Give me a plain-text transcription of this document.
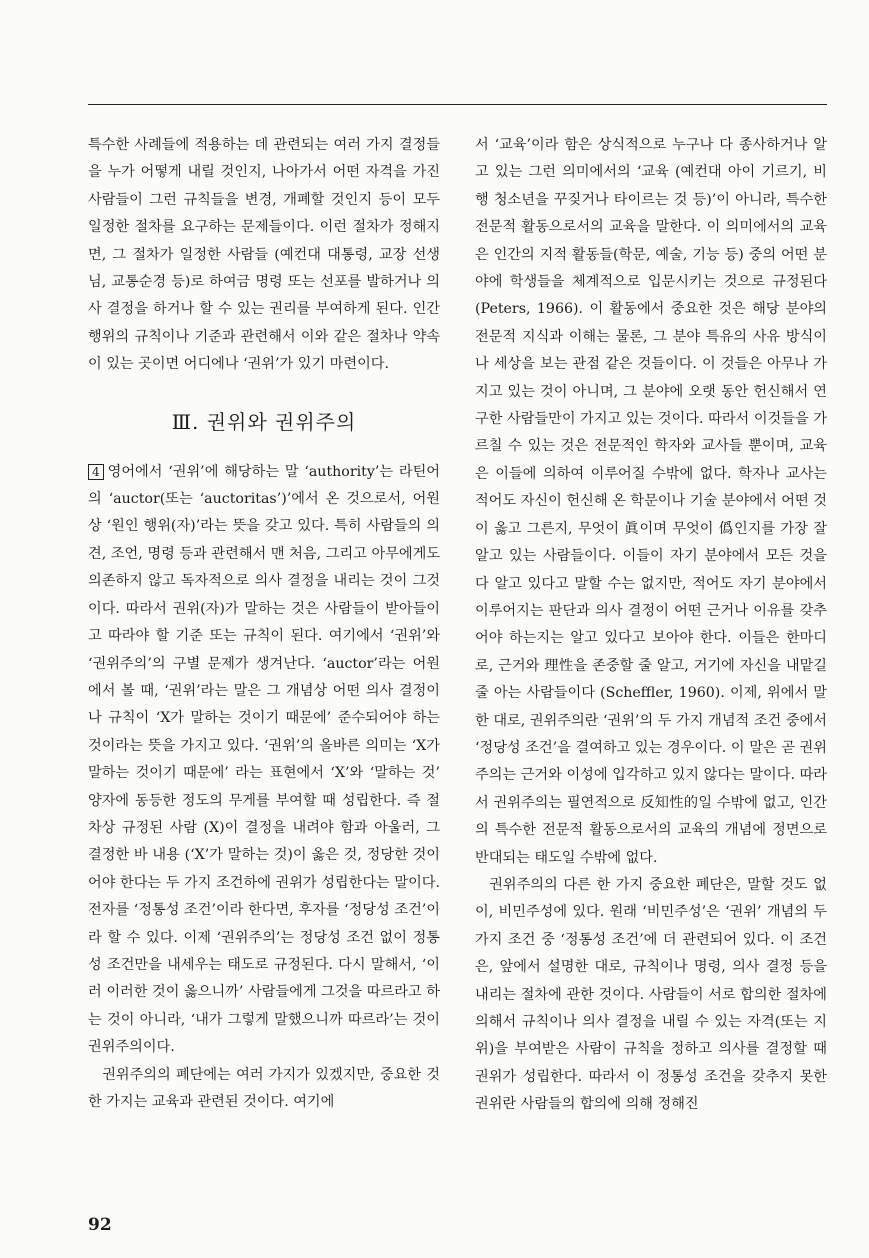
특수한 사례들에 적용하는 데 관련되는 여러 가지 결정들을 누가 어떻게 내릴 것인지, 나아가서 어떤 자격을 가진 사람들이 그런 규칙들을 변경, 개폐할 것인지 등이 모두 일정한 절차를 요구하는 문제들이다. 이런 절차가 정해지면, 그 절차가 일정한 사람들 (예컨대 대통령, 교장 선생님, 교통순경 등)로 하여금 명령 또는 선포를 발하거나 의사 결정을 하거나 할 수 있는 권리를 부여하게 된다. 인간 행위의 규칙이나 기준과 관련해서 이와 같은 절차나 약속이 있는 곳이면 어디에나 ‘권위’가 있기 마련이다.

Ⅲ. 권위와 권위주의

4 영어에서 ‘권위’에 해당하는 말 ‘authority’는 라틴어의 ‘auctor(또는 ‘auctoritas’)’에서 온 것으로서, 어원상 ‘원인 행위(자)’라는 뜻을 갖고 있다. 특히 사람들의 의견, 조언, 명령 등과 관련해서 맨 처음, 그리고 아무에게도 의존하지 않고 독자적으로 의사 결정을 내리는 것이 그것이다. 따라서 권위(자)가 말하는 것은 사람들이 받아들이고 따라야 할 기준 또는 규칙이 된다. 여기에서 ‘권위’와 ‘권위주의’의 구별 문제가 생겨난다. ‘auctor’라는 어원에서 볼 때, ‘권위’라는 말은 그 개념상 어떤 의사 결정이나 규칙이 ‘X가 말하는 것이기 때문에’ 준수되어야 하는 것이라는 뜻을 가지고 있다. ‘권위’의 올바른 의미는 ‘X가 말하는 것이기 때문에’ 라는 표현에서 ‘X’와 ‘말하는 것’ 양자에 동등한 정도의 무게를 부여할 때 성립한다. 즉 절차상 규정된 사람 (X)이 결정을 내려야 함과 아울러, 그 결정한 바 내용 (‘X’가 말하는 것)이 옳은 것, 정당한 것이어야 한다는 두 가지 조건하에 권위가 성립한다는 말이다. 전자를 ‘정통성 조건’이라 한다면, 후자를 ‘정당성 조건’이라 할 수 있다. 이제 ‘권위주의’는 정당성 조건 없이 정통성 조건만을 내세우는 태도로 규정된다. 다시 말해서, ‘이러 이러한 것이 옳으니까’ 사람들에게 그것을 따르라고 하는 것이 아니라, ‘내가 그렇게 말했으니까 따르라’는 것이 권위주의이다.

권위주의의 폐단에는 여러 가지가 있겠지만, 중요한 것 한 가지는 교육과 관련된 것이다. 여기에

서 ‘교육’이라 함은 상식적으로 누구나 다 종사하거나 알고 있는 그런 의미에서의 ‘교육 (예컨대 아이 기르기, 비행 청소년을 꾸짖거나 타이르는 것 등)’이 아니라, 특수한 전문적 활동으로서의 교육을 말한다. 이 의미에서의 교육은 인간의 지적 활동들(학문, 예술, 기능 등) 중의 어떤 분야에 학생들을 체계적으로 입문시키는 것으로 규정된다(Peters, 1966). 이 활동에서 중요한 것은 해당 분야의 전문적 지식과 이해는 물론, 그 분야 특유의 사유 방식이나 세상을 보는 관점 같은 것들이다. 이 것들은 아무나 가지고 있는 것이 아니며, 그 분야에 오랫 동안 헌신해서 연구한 사람들만이 가지고 있는 것이다. 따라서 이것들을 가르칠 수 있는 것은 전문적인 학자와 교사들 뿐이며, 교육은 이들에 의하여 이루어질 수밖에 없다. 학자나 교사는 적어도 자신이 헌신해 온 학문이나 기술 분야에서 어떤 것이 옳고 그른지, 무엇이 眞이며 무엇이 僞인지를 가장 잘 알고 있는 사람들이다. 이들이 자기 분야에서 모든 것을 다 알고 있다고 말할 수는 없지만, 적어도 자기 분야에서 이루어지는 판단과 의사 결정이 어떤 근거나 이유를 갖추어야 하는지는 알고 있다고 보아야 한다. 이들은 한마디로, 근거와 理性을 존중할 줄 알고, 거기에 자신을 내맡길 줄 아는 사람들이다 (Scheffler, 1960). 이제, 위에서 말한 대로, 권위주의란 ‘권위’의 두 가지 개념적 조건 중에서 ‘정당성 조건’을 결여하고 있는 경우이다. 이 말은 곧 권위주의는 근거와 이성에 입각하고 있지 않다는 말이다. 따라서 권위주의는 필연적으로 反知性的일 수밖에 없고, 인간의 특수한 전문적 활동으로서의 교육의 개념에 정면으로 반대되는 태도일 수밖에 없다.

권위주의의 다른 한 가지 중요한 폐단은, 말할 것도 없이, 비민주성에 있다. 원래 ‘비민주성’은 ‘권위’ 개념의 두 가지 조건 중 ‘정통성 조건’에 더 관련되어 있다. 이 조건은, 앞에서 설명한 대로, 규칙이나 명령, 의사 결정 등을 내리는 절차에 관한 것이다. 사람들이 서로 합의한 절차에 의해서 규칙이나 의사 결정을 내릴 수 있는 자격(또는 지위)을 부여받은 사람이 규칙을 정하고 의사를 결정할 때 권위가 성립한다. 따라서 이 정통성 조건을 갖추지 못한 권위란 사람들의 합의에 의해 정해진

92
